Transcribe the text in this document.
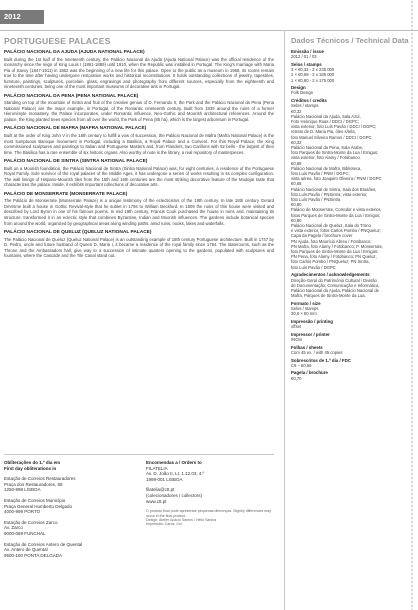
2012
PORTUGUESE PALACES
PALÁCIO NACIONAL DA AJUDA (AJUDA NATIONAL PALACE)

Built during the 1st half of the nineteenth century, the Palácio Nacional da Ajuda (Ajuda National Palace) was the official residence of the monarchy since the reign of King Louis I (1861-1889) until 1910, when the Republic was installed in Portugal. The King's marriage with Maria Pia of Savoy (1847-1911) in 1862 was the beginning of a new life for this palace. Open to the public as a museum in 1968, its rooms remain true to the time after having undergone restoration works and historical reconstitutions. It holds outstanding collections of jewelry, tapestries, furniture, paintings, sculptures, porcelain, glass, engravings and photography from different sources, especially from the eighteenth and nineteenth centuries, being one of the most important museums of decorative arts in Portugal.

PALÁCIO NACIONAL DA PENA (PENA NATIONAL PALACE)

Standing on top of the mountain of Sintra and fruit of the creative genius of D. Fernando II, the Park and the Palácio Nacional da Pena (Pena National Palace) are the major example, in Portugal, of the Romantic nineteenth century. Built from 1839 around the ruins of a former Hieronimyte monastery, the Palace incorporates, under Romantic influence, Neo-Gothic and Moorish architectural references. Around the palace, the King planted trees species from all over the world, the Park of Pena (85 ha), which is the largest arboretum in Portugal.

PALÁCIO NACIONAL DE MAFRA (MAFRA NATIONAL PALACE)

Built at the order of King John V in the 18th century to fulfill a vow of succession, the Palácio Nacional de Mafra (Mafra National Palace) is the most sumptuous Baroque monument in Portugal, including a Basilica, a Royal Palace and a Convent. For this Royal Palace, the King commissioned sculptures and paintings to Italian and Portuguese Masters and, from Flanders, two Carillons with 92 bells - the largest of their time. The Basilica has a rare ensemble of six historic organs. Also worthy of note is the library, a real repository of masterpieces.

PALÁCIO NACIONAL DE SINTRA (SINTRA NATIONAL PALACE)

Built on a Moorish foundation, the Palácio Nacional de Sintra (Sintra National Palace) was, for eight centuries, a residence of the Portuguese Royal Family. Sole survivor of the royal palaces of the Middle Ages, it has undergone a series of works resulting in its complex configuration. The wall linings of Hispano-Moorish tiles from the 15th and 16th centuries are the most striking decorative feature of the Mudejar taste that characterizes the palace. Inside, it exhibits important collections of decorative arts.

PALÁCIO DE MONSERRATE (MONSERRATE PALACE)

The Palácio de Monserrate (Monserrate Palace) is a unique testimony of the eclecticisms of the 19th century. In late 18th century Gerard DeVisme built a house in Gothic Revival-style that he sublet in 1794 to William Beckford. In 1809 the ruins of this house were visited and described by Lord Byron in one of his famous poems. In mid 19th century, Francis Cook purchased the house in ruins and, maintaining its structure, transformed it in an eclectic style that combines Byzantine, Indian and Moorish influences. The gardens include botanical species from around the world, organized by geographical areas along winding paths, amid ruins, nooks, lakes and waterfalls.

PALÁCIO NACIONAL DE QUELUZ (QUELUZ NATIONAL PALACE)

The Palácio Nacional de Queluz (Queluz National Palace) is an outstanding example of 18th century Portuguese architecture. Built in 1747 by D. Pedro, uncle and future husband of Queen D. Maria I, it became a residence of the royal family since 1794. The staterooms, such as the Throne and the Ambassadors hall, give way to a succession of intimate quarters opening to the gardens, populated with sculptures and fountains, where the Cascade and the Tile Canal stand out.

Obliterações do 1.º dia em
First day obliterations in
Estação de Correios Restauradores
Praça dos Restauradores, 58
1250-998 LISBOA
Estação de Correios Município
Praça General Humberto Delgado
4000-999 PORTO
Estação de Correios Zarco
Av. Zarco
9000-069 FUNCHAL
Estação de Correios Antero de Quental
Av. Antero de Quental
9500-160 PONTA DELGADA
Encomendas a / Orders to
FILATELIA
Av. D. João II, Lt. 1.12.03, 4.º
1999-001 LISBOA
filatelia@ctt.pt
(colecionadores / collectors)
www.ctt.pt
O produto final pode apresentar pequenas diferenças. Slightly differences may occur in the final product.
Design: Atelier Acácio Santos / Hélio Santos
Impressão: Cartor, Ltd.
Dados Técnicos / Technical Data
Emissão / issue
2012 / 01 / 03
Selos / stamps
3 × €0,32 - 2 x 235 000
2 × €0,68 - 2 x 185 000
1 × €0,80 - 2 x 175 000
Design
Folk Design
Créditos / credits
Selos / stamps
€0,32
Palácio Nacional da Ajuda, Sala Azul,
Foto Henrique Ruas / DDCI / DGPC;
vista exterior, foto Luís Pavão / DDCI / DGPC;
retrato de D. Maria Pia, óleo s/tela,
foto Manuel Silveira Ramos / DDCI / DGPC
€0,32
Palácio Nacional da Pena, Sala Árabe,
foto Parques de Sintra-Monte da Lua / Emigus;
vista exterior, foto Alamy / Fotobanco
€0,68
Palácio Nacional de Mafra, Biblioteca,
foto Luís Pavão / PNM / DGPC;
vista aérea, foto Joaquim Oliveira / PNM / DGPC
€0,68
Palácio Nacional de Sintra, Sala dos Brasões,
foto Luís Pavão / PNSintra; vista exterior,
foto Luís Pavão / PNSintra
€0,80
Palácio de Monserrate, Corredor e vista exterior,
fotos Parques de Sintra-Monte da Lua / Emigus;
€0,80
Palácio Nacional de Queluz, Sala do Trono
e vista exterior, fotos Carlos Pombo / PNQueluz;
Capa da Pagela / brochure cover
PN Ajuda, foto Maurício Abreu / Fotobanco;
PN Mafra, foto Alamy / Fotobanco; P. Monserrate,
foto Parques de Sintra-Monte da Lua / Emigus;
PN Pena, foto Alamy / Fotobanco; PN Queluz,
foto Carlos Pombo / PNQueluz; PN Sintra,
foto Luís Pavão / DGPC
Agradecimentos / acknowledgements
Direção-Geral do Património Cultural / Divisão
de Documentação, Comunicação e Informática,
Palácio Nacional da Ajuda, Palácio Nacional de
Mafra, Parques de Sintra-Monte da Lua.
Formato / size
Selos / stamps
30,6 × 80 mm
Impressão / printing
offset
Impressor / printer
INCM
Folhas / sheets
Com 45 ex. / with 45 copies
Sobrescritos de 1.º dia / FDC
C6 – €0,56
Pagela / brochure
€0,70
